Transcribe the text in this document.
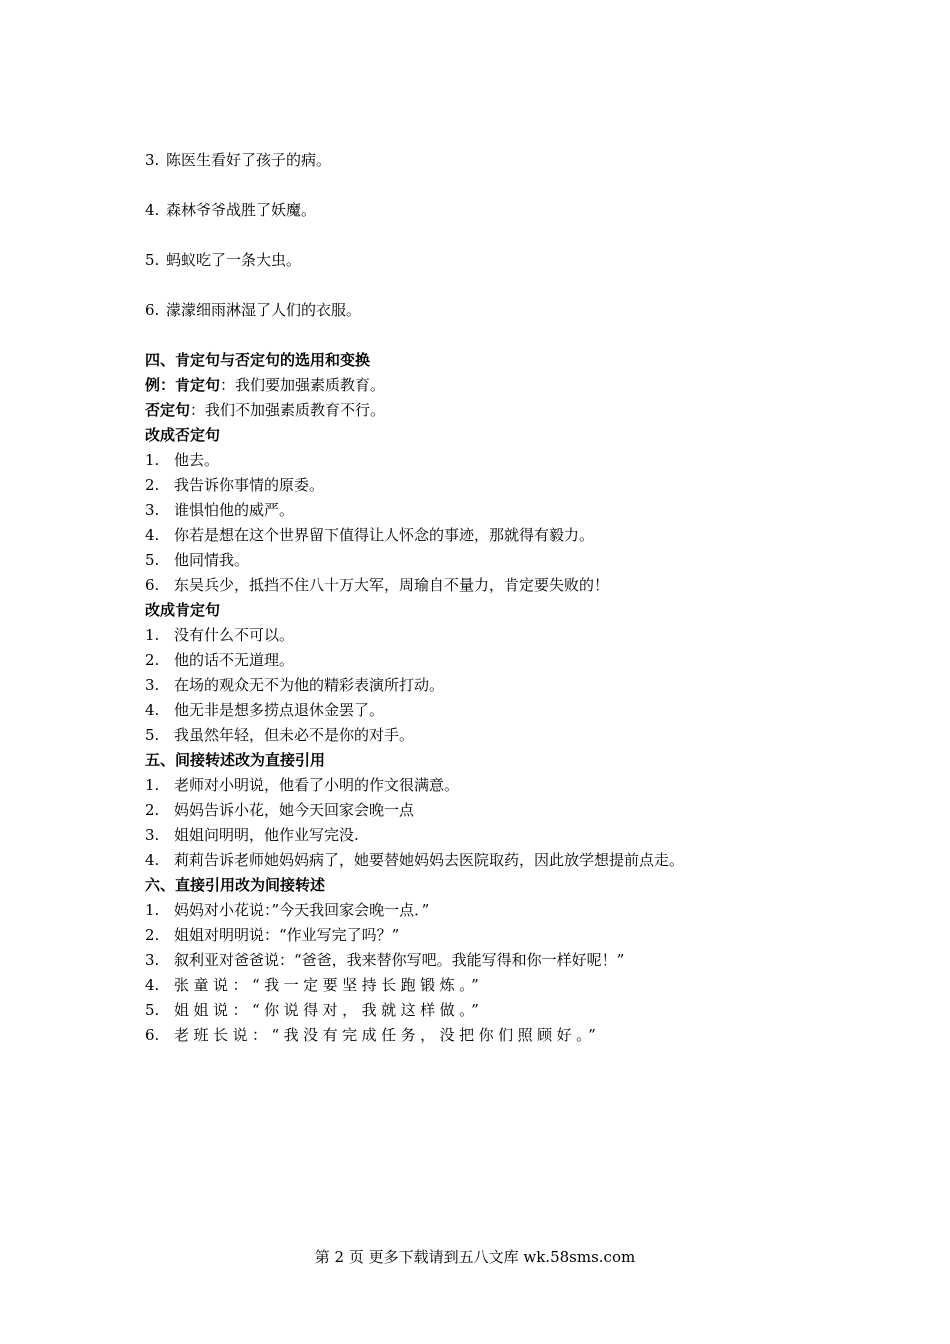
3. 陈医生看好了孩子的病。
4. 森林爷爷战胜了妖魔。
5. 蚂蚁吃了一条大虫。
6. 濛濛细雨淋湿了人们的衣服。
四、肯定句与否定句的选用和变换
例：肯定句：我们要加强素质教育。
否定句：我们不加强素质教育不行。
改成否定句
1. 他去。
2. 我告诉你事情的原委。
3. 谁惧怕他的威严。
4. 你若是想在这个世界留下值得让人怀念的事迹，那就得有毅力。
5. 他同情我。
6. 东吴兵少，抵挡不住八十万大军，周瑜自不量力，肯定要失败的！
改成肯定句
1. 没有什么不可以。
2. 他的话不无道理。
3. 在场的观众无不为他的精彩表演所打动。
4. 他无非是想多捞点退休金罢了。
5. 我虽然年轻，但未必不是你的对手。
五、间接转述改为直接引用
1. 老师对小明说，他看了小明的作文很满意。
2. 妈妈告诉小花，她今天回家会晚一点
3. 姐姐问明明，他作业写完没.
4. 莉莉告诉老师她妈妈病了，她要替她妈妈去医院取药，因此放学想提前点走。
六、直接引用改为间接转述
1. 妈妈对小花说：”今天我回家会晚一点．”
2. 姐姐对明明说：“作业写完了吗？”
3. 叙利亚对爸爸说：“爸爸，我来替你写吧。我能写得和你一样好呢！”
4. 张童说：“我一定要坚持长跑锻炼。”
5. 姐姐说：“你说得对，我就这样做。”
6. 老班长说：“我没有完成任务，没把你们照顾好。”
第 2 页 更多下载请到五八文库 wk.58sms.com
